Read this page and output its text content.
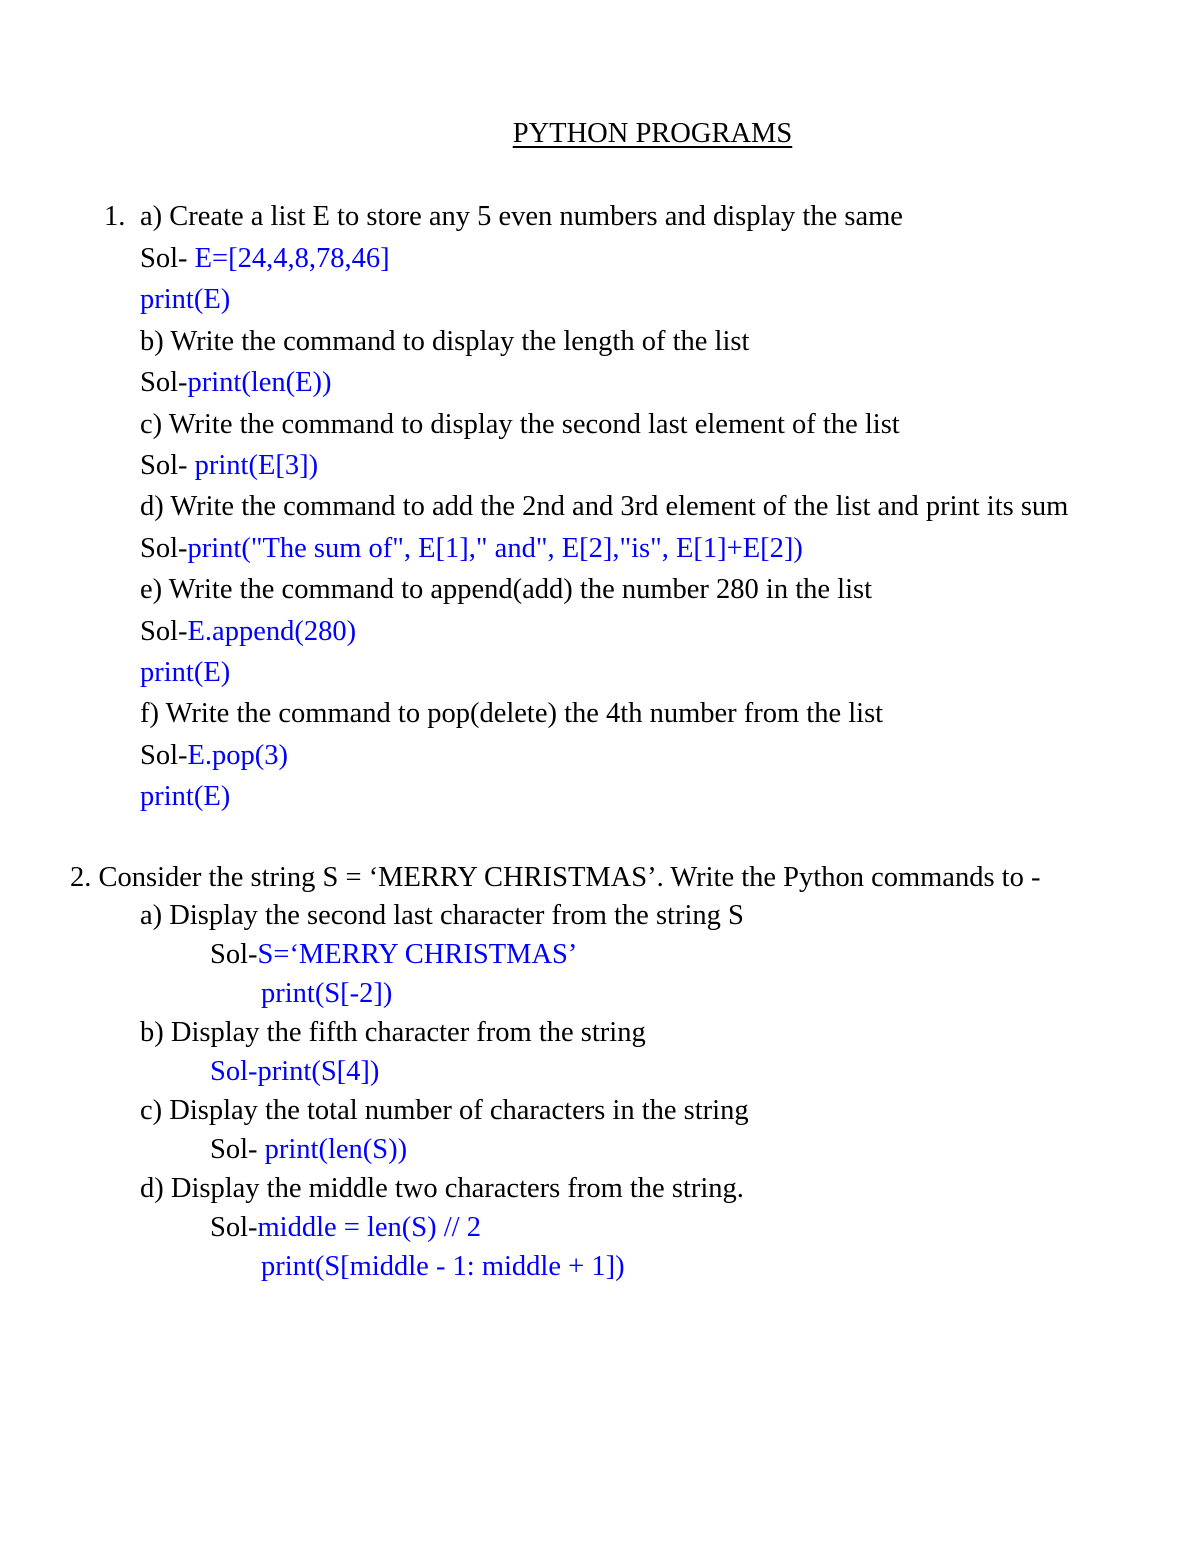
PYTHON PROGRAMS
1. a) Create a list E to store any 5 even numbers and display the same
Sol- E=[24,4,8,78,46]
print(E)
b) Write the command to display the length of the list
Sol-print(len(E))
c) Write the command to display the second last element of the list
Sol- print(E[3])
d) Write the command to add the 2nd and 3rd element of the list and print its sum
Sol-print("The sum of", E[1]," and", E[2],"is", E[1]+E[2])
e) Write the command to append(add) the number 280 in the list
Sol-E.append(280)
print(E)
f) Write the command to pop(delete) the 4th number from the list
Sol-E.pop(3)
print(E)
2. Consider the string S = ‘MERRY CHRISTMAS’. Write the Python commands to -
a) Display the second last character from the string S
Sol-S=‘MERRY CHRISTMAS’
print(S[-2])
b) Display the fifth character from the string
Sol-print(S[4])
c) Display the total number of characters in the string
Sol- print(len(S))
d) Display the middle two characters from the string.
Sol-middle = len(S) // 2
print(S[middle - 1: middle + 1])
